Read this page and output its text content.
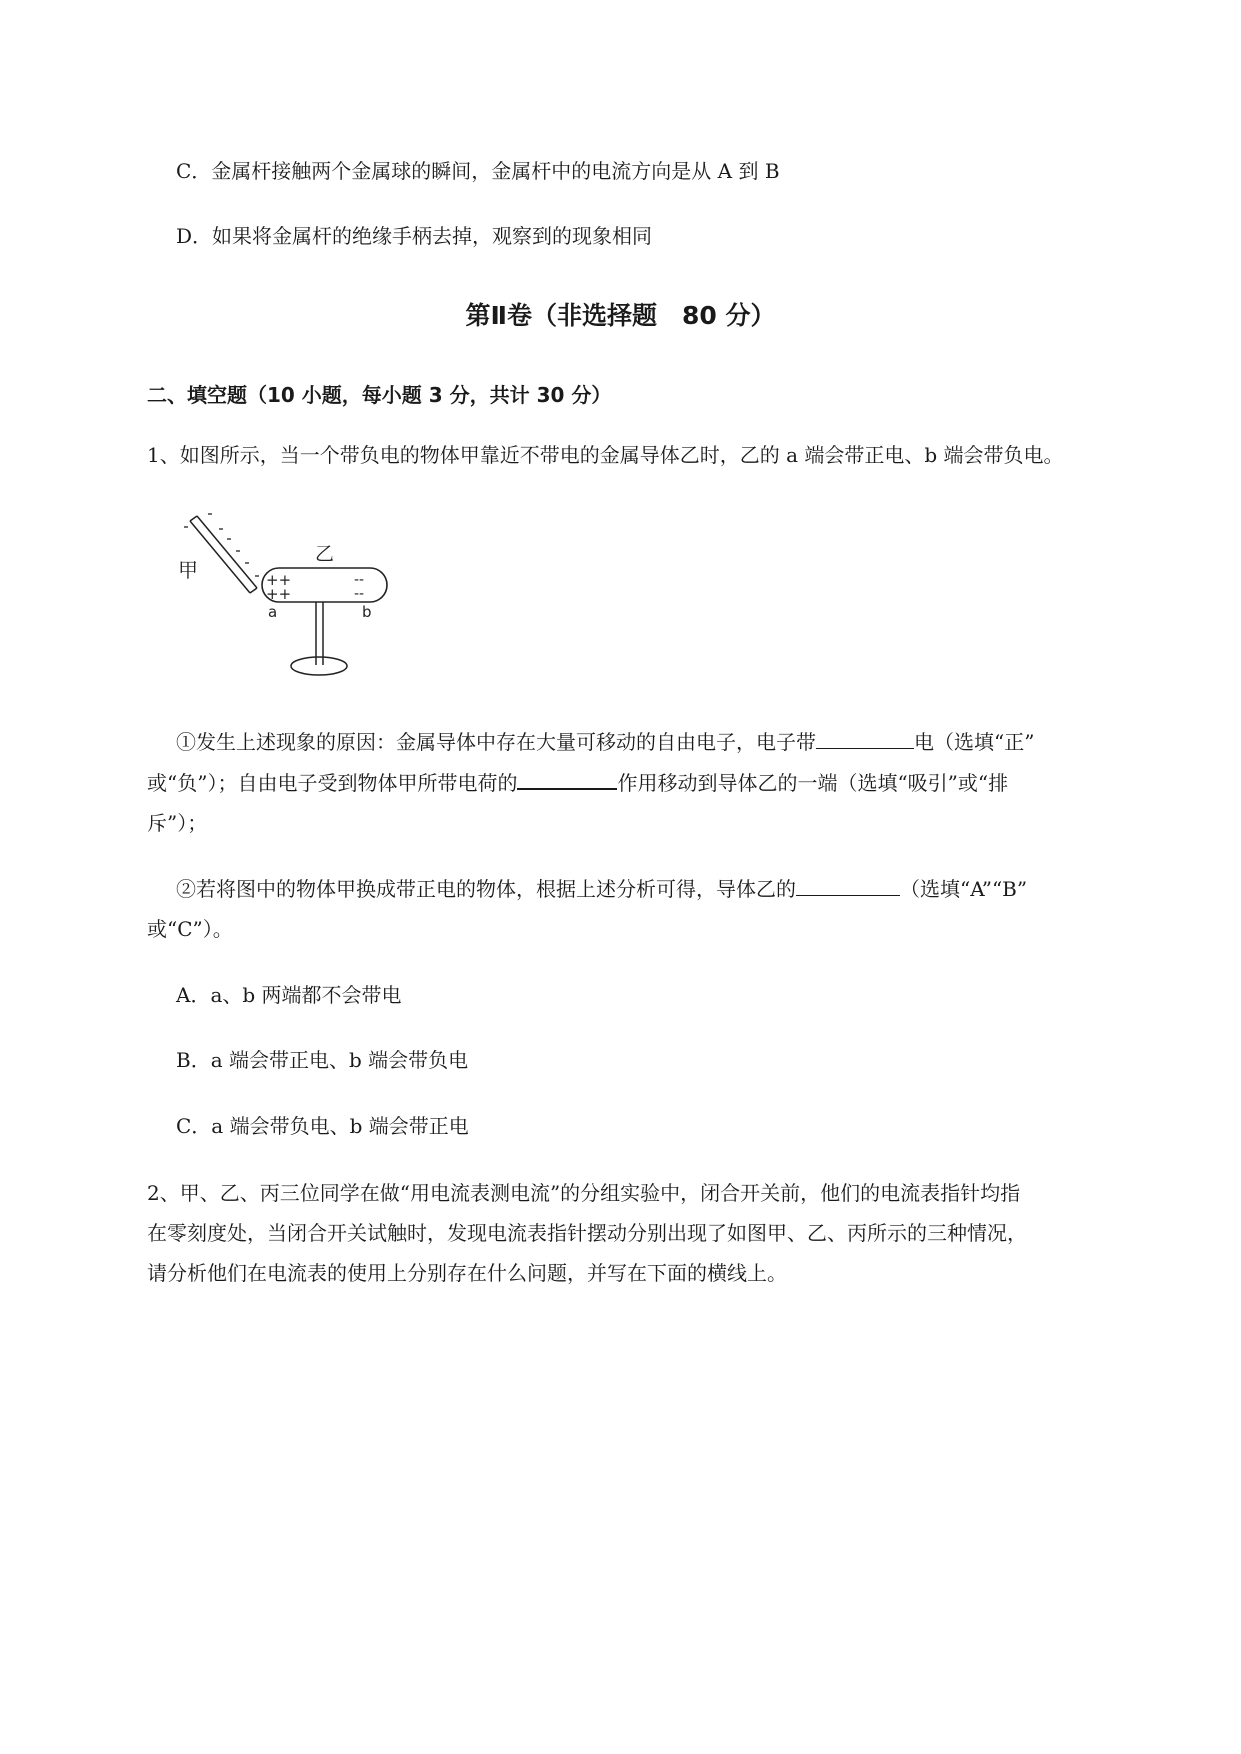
C．金属杆接触两个金属球的瞬间，金属杆中的电流方向是从 A 到 B
D．如果将金属杆的绝缘手柄去掉，观察到的现象相同
第Ⅱ卷（非选择题　80 分）
二、填空题（10 小题，每小题 3 分，共计 30 分）
1、如图所示，当一个带负电的物体甲靠近不带电的金属导体乙时，乙的 a 端会带正电、b 端会带负电。
甲
乙
++
++
--
--
a	b
①发生上述现象的原因：金属导体中存在大量可移动的自由电子，电子带	电（选填“正”
或“负”）；自由电子受到物体甲所带电荷的	作用移动到导体乙的一端（选填“吸引”或“排
斥”）；
②若将图中的物体甲换成带正电的物体，根据上述分析可得，导体乙的	（选填“A”“B”
或“C”）。
A．a、b 两端都不会带电
B．a 端会带正电、b 端会带负电
C．a 端会带负电、b 端会带正电
2、甲、乙、丙三位同学在做“用电流表测电流”的分组实验中，闭合开关前，他们的电流表指针均指
在零刻度处，当闭合开关试触时，发现电流表指针摆动分别出现了如图甲、乙、丙所示的三种情况，
请分析他们在电流表的使用上分别存在什么问题，并写在下面的横线上。
